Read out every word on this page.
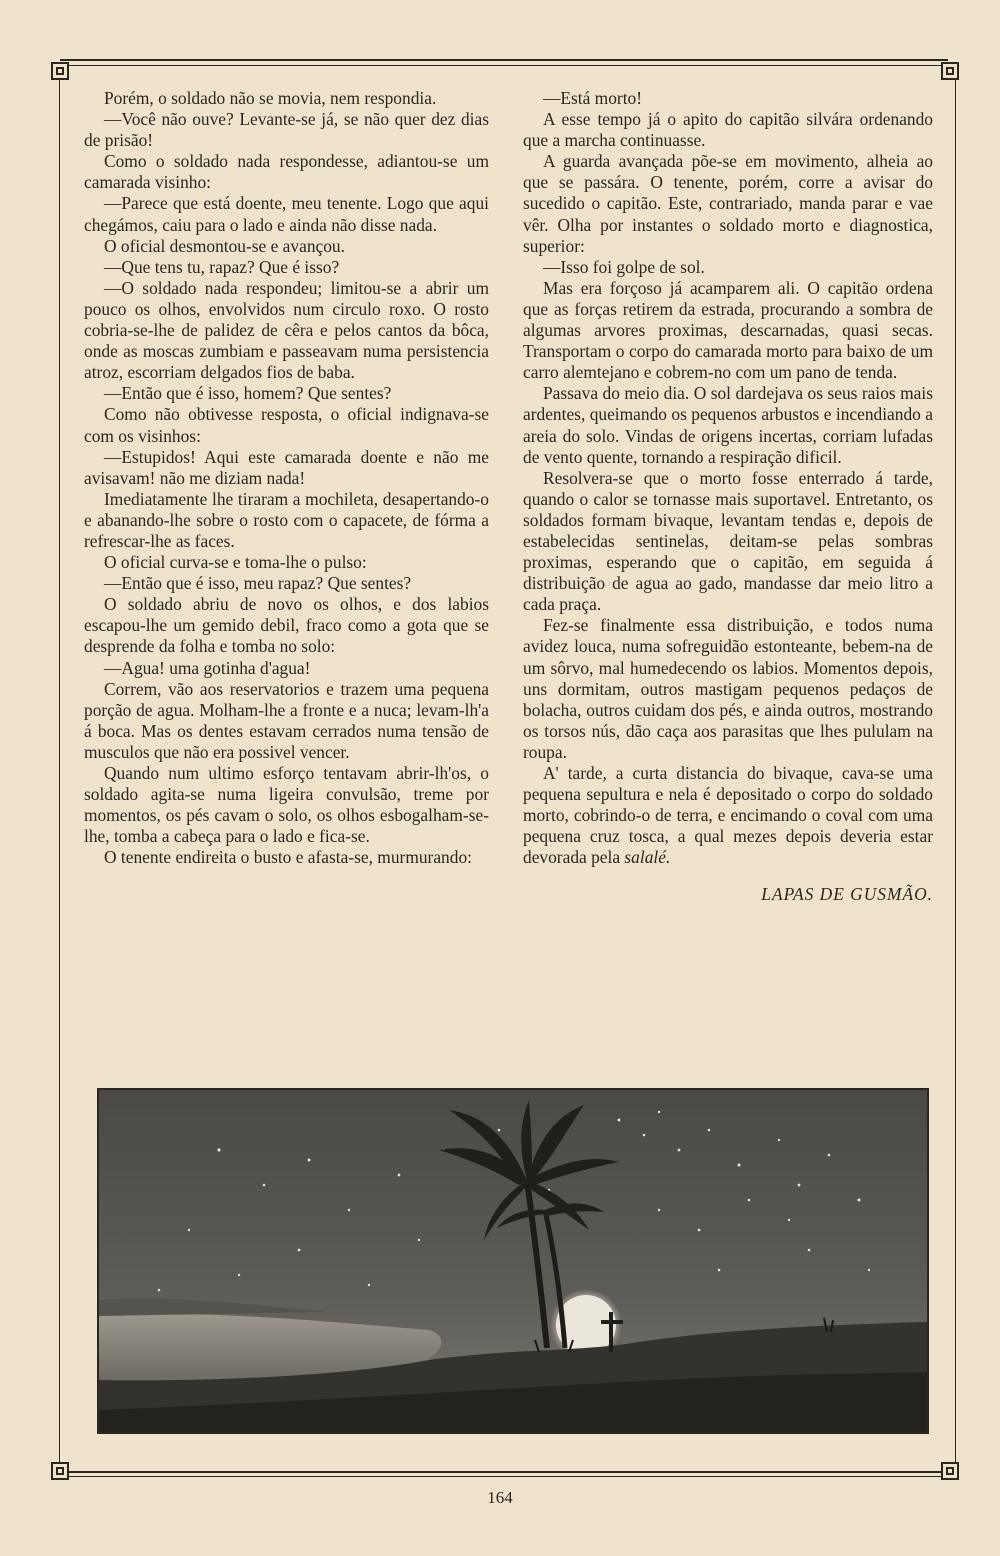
Porém, o soldado não se movia, nem respondia.

—Você não ouve? Levante-se já, se não quer dez dias de prisão!

Como o soldado nada respondesse, adiantou-se um camarada visinho:

—Parece que está doente, meu tenente. Logo que aqui chegámos, caiu para o lado e ainda não disse nada.

O oficial desmontou-se e avançou.

—Que tens tu, rapaz? Que é isso?

—O soldado nada respondeu; limitou-se a abrir um pouco os olhos, envolvidos num circulo roxo. O rosto cobria-se-lhe de palidez de cêra e pelos cantos da bôca, onde as moscas zumbiam e passeavam numa persistencia atroz, escorriam delgados fios de baba.

—Então que é isso, homem? Que sentes?

Como não obtivesse resposta, o oficial indignava-se com os visinhos:

—Estupidos! Aqui este camarada doente e não me avisavam! não me diziam nada!

Imediatamente lhe tiraram a mochileta, desapertando-o e abanando-lhe sobre o rosto com o capacete, de fórma a refrescar-lhe as faces.

O oficial curva-se e toma-lhe o pulso:

—Então que é isso, meu rapaz? Que sentes?

O soldado abriu de novo os olhos, e dos labios escapou-lhe um gemido debil, fraco como a gota que se desprende da folha e tomba no solo:

—Agua! uma gotinha d'agua!

Correm, vão aos reservatorios e trazem uma pequena porção de agua. Molham-lhe a fronte e a nuca; levam-lh'a á boca. Mas os dentes estavam cerrados numa tensão de musculos que não era possivel vencer.

Quando num ultimo esforço tentavam abrir-lh'os, o soldado agita-se numa ligeira convulsão, treme por momentos, os pés cavam o solo, os olhos esbogalham-se-lhe, tomba a cabeça para o lado e fica-se.

O tenente endireita o busto e afasta-se, murmurando:

—Está morto!

A esse tempo já o apito do capitão silvára ordenando que a marcha continuasse.

A guarda avançada põe-se em movimento, alheia ao que se passára. O tenente, porém, corre a avisar do sucedido o capitão. Este, contrariado, manda parar e vae vêr. Olha por instantes o soldado morto e diagnostica, superior:

—Isso foi golpe de sol.

Mas era forçoso já acamparem ali. O capitão ordena que as forças retirem da estrada, procurando a sombra de algumas arvores proximas, descarnadas, quasi secas. Transportam o corpo do camarada morto para baixo de um carro alemtejano e cobrem-no com um pano de tenda.

Passava do meio dia. O sol dardejava os seus raios mais ardentes, queimando os pequenos arbustos e incendiando a areia do solo. Vindas de origens incertas, corriam lufadas de vento quente, tornando a respiração dificil.

Resolvera-se que o morto fosse enterrado á tarde, quando o calor se tornasse mais suportavel. Entretanto, os soldados formam bivaque, levantam tendas e, depois de estabelecidas sentinelas, deitam-se pelas sombras proximas, esperando que o capitão, em seguida á distribuição de agua ao gado, mandasse dar meio litro a cada praça.

Fez-se finalmente essa distribuição, e todos numa avidez louca, numa sofreguidão estonteante, bebem-na de um sôrvo, mal humedecendo os labios. Momentos depois, uns dormitam, outros mastigam pequenos pedaços de bolacha, outros cuidam dos pés, e ainda outros, mostrando os torsos nús, dão caça aos parasitas que lhes pululam na roupa.

A' tarde, a curta distancia do bivaque, cava-se uma pequena sepultura e nela é depositado o corpo do soldado morto, cobrindo-o de terra, e encimando o coval com uma pequena cruz tosca, a qual mezes depois deveria estar devorada pela salalé.

LAPAS DE GUSMÃO.
164
